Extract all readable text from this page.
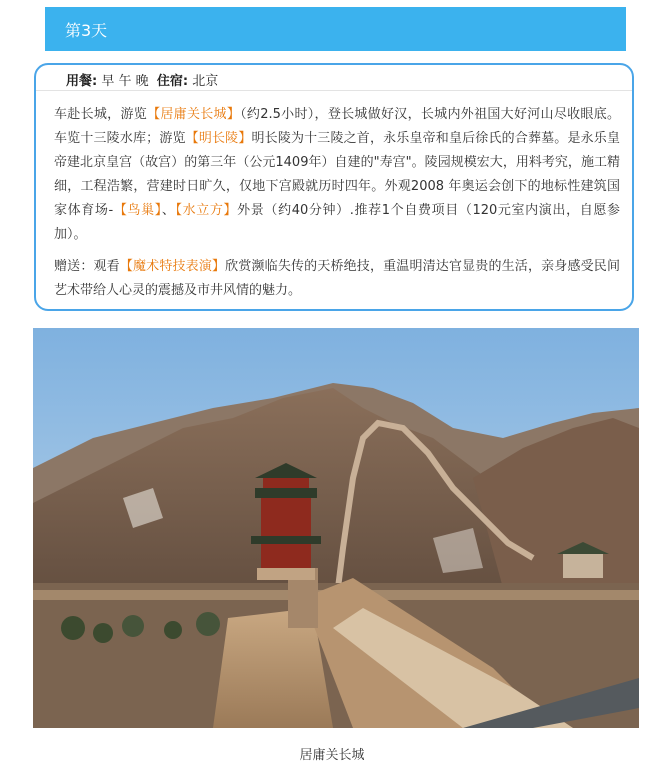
第3天
用餐: 早 午 晚 住宿: 北京
车赴长城，游览【居庸关长城】（约2.5小时），登长城做好汉，长城内外祖国大好河山尽收眼底。车览十三陵水库；游览【明长陵】明长陵为十三陵之首，永乐皇帝和皇后徐氏的合葬墓。是永乐皇帝建北京皇宫（故宫）的第三年（公元1409年）自建的"寿宫"。陵园规模宏大，用料考究，施工精细，工程浩繁，营建时日旷久，仅地下宫殿就历时四年。外观2008 年奥运会创下的地标性建筑国家体育场-【鸟巢】、【水立方】外景（约40分钟）.推荐1个自费项目（120元室内演出，自愿参加）。
赠送：观看【魔术特技表演】欣赏濒临失传的天桥绝技，重温明清达官显贵的生活，亲身感受民间艺术带给人心灵的震撼及市井风情的魅力。
居庸关长城
